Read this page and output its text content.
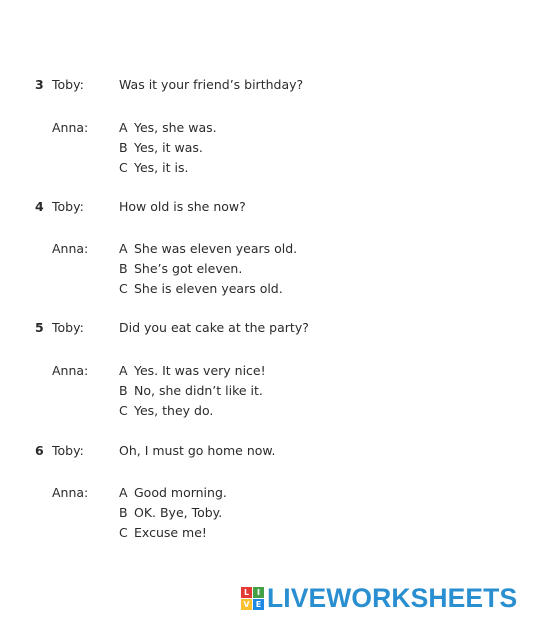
3 Toby:	Was it your friend’s birthday?
Anna: A Yes, she was.
B Yes, it was.
C Yes, it is.
4 Toby:	How old is she now?
Anna: A She was eleven years old.
B She’s got eleven.
C She is eleven years old.
5 Toby:	Did you eat cake at the party?
Anna: A Yes. It was very nice!
B No, she didn’t like it.
C Yes, they do.
6 Toby:	Oh, I must go home now.
Anna: A Good morning.
B OK. Bye, Toby.
C Excuse me!
L I
V E LIVEWORKSHEETS
